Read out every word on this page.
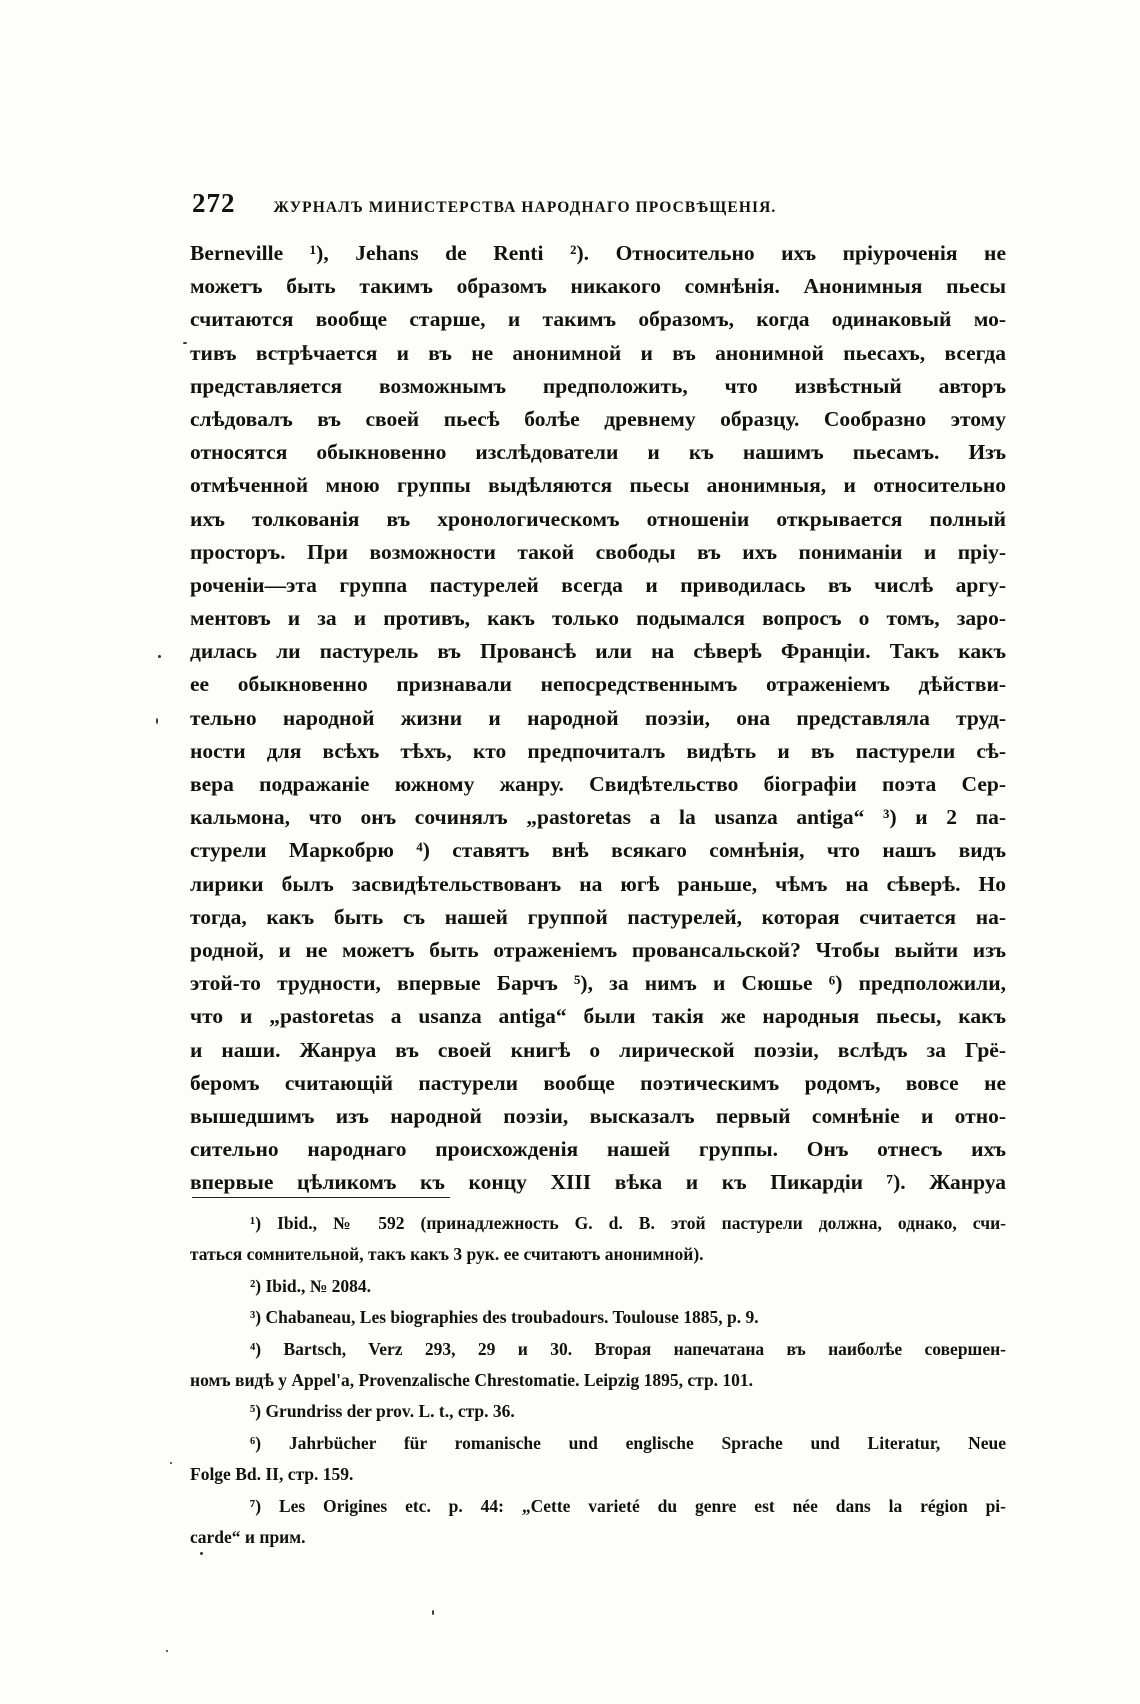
272 ЖУРНАЛЪ МИНИСТЕРСТВА НАРОДНАГО ПРОСВѢЩЕНІЯ.
Berneville ¹), Jehans de Renti ²). Относительно ихъ пріуроченія не
можетъ быть такимъ образомъ никакого сомнѣнія. Анонимныя пьесы
считаются вообще старше, и такимъ образомъ, когда одинаковый мо-
тивъ встрѣчается и въ не анонимной и въ анонимной пьесахъ, всегда
представляется возможнымъ предположить, что извѣстный авторъ
слѣдовалъ въ своей пьесѣ болѣе древнему образцу. Сообразно этому
относятся обыкновенно изслѣдователи и къ нашимъ пьесамъ. Изъ
отмѣченной мною группы выдѣляются пьесы анонимныя, и относительно
ихъ толкованія въ хронологическомъ отношеніи открывается полный
просторъ. При возможности такой свободы въ ихъ пониманіи и пріу-
роченіи—эта группа пастурелей всегда и приводилась въ числѣ аргу-
ментовъ и за и противъ, какъ только подымался вопросъ о томъ, заро-
дилась ли пастурель въ Провансѣ или на сѣверѣ Франціи. Такъ какъ
ее обыкновенно признавали непосредственнымъ отраженіемъ дѣйстви-
тельно народной жизни и народной поэзіи, она представляла труд-
ности для всѣхъ тѣхъ, кто предпочиталъ видѣть и въ пастурели сѣ-
вера подражаніе южному жанру. Свидѣтельство біографіи поэта Сер-
кальмона, что онъ сочинялъ „pastoretas a la usanza antiga“ ³) и 2 па-
стурели Маркобрю ⁴) ставятъ внѣ всякаго сомнѣнія, что нашъ видъ
лирики былъ засвидѣтельствованъ на югѣ раньше, чѣмъ на сѣверѣ. Но
тогда, какъ быть съ нашей группой пастурелей, которая считается на-
родной, и не можетъ быть отраженіемъ провансальской? Чтобы выйти изъ
этой-то трудности, впервые Барчъ ⁵), за нимъ и Сюшье ⁶) предположили,
что и „pastoretas a usanza antiga“ были такія же народныя пьесы, какъ
и наши. Жанруа въ своей книгѣ о лирической поэзіи, вслѣдъ за Грё-
беромъ считающій пастурели вообще поэтическимъ родомъ, вовсе не
вышедшимъ изъ народной поэзіи, высказалъ первый сомнѣніе и отно-
сительно народнаго происхожденія нашей группы. Онъ отнесъ ихъ
впервые цѣликомъ къ концу XIII вѣка и къ Пикардіи ⁷). Жанруа
¹) Ibid., № 592 (принадлежность G. d. B. этой пастурели должна, однако, счи-
таться сомнительной, такъ какъ 3 рук. ее считаютъ анонимной).
²) Ibid., № 2084.
³) Chabaneau, Les biographies des troubadours. Toulouse 1885, p. 9.
⁴) Bartsch, Verz 293, 29 и 30. Вторая напечатана въ наиболѣе совершен-
номъ видѣ у Appel'a, Provenzalische Chrestomatie. Leipzig 1895, стр. 101.
⁵) Grundriss der prov. L. t., стр. 36.
⁶) Jahrbücher für romanische und englische Sprache und Literatur, Neue
Folge Bd. II, стр. 159.
⁷) Les Origines etc. p. 44: „Cette varieté du genre est née dans la région pi-
carde“ и прим.
